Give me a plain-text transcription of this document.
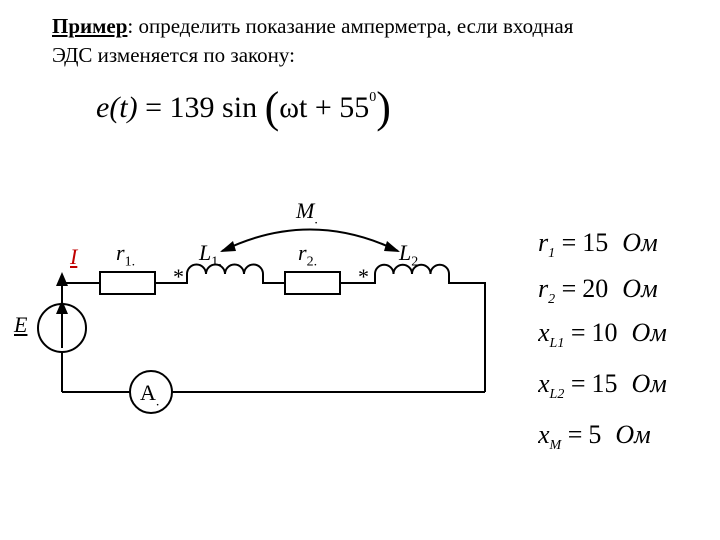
Пример: определить показание амперметра, если входная ЭДС изменяется по закону:
e(t) = 139 $\sin (\omega t + 55^0)$
I
E
$r_{1.}$	$L_{1.}$	$r_{2.}$	$L_{2.}$
$M_.$
$A_.$
*	*
$r_1 = 15$ Ом
$r_2 = 20$ Ом
$x_{L1} = 10$ Ом
$x_{L2} = 15$ Ом
$x_M = 5$ Ом
